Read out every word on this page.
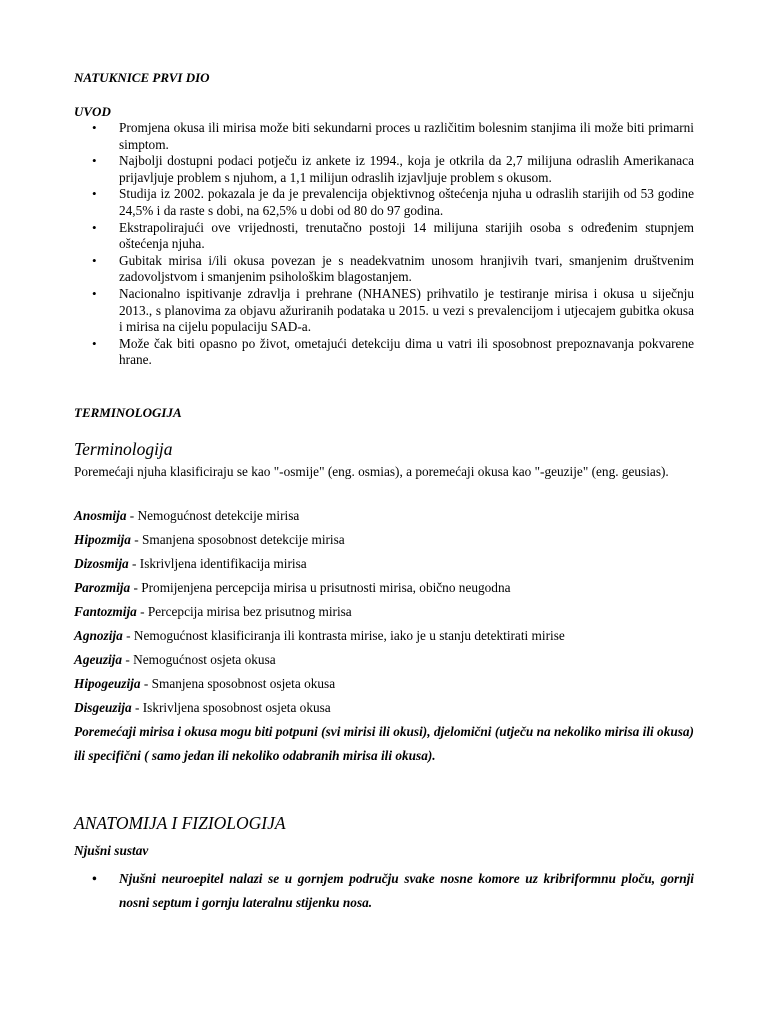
NATUKNICE PRVI DIO
UVOD
• Promjena okusa ili mirisa može biti sekundarni proces u različitim bolesnim stanjima ili može biti primarni simptom.
• Najbolji dostupni podaci potječu iz ankete iz 1994., koja je otkrila da 2,7 milijuna odraslih Amerikanaca prijavljuje problem s njuhom, a 1,1 milijun odraslih izjavljuje problem s okusom.
• Studija iz 2002. pokazala je da je prevalencija objektivnog oštećenja njuha u odraslih starijih od 53 godine 24,5% i da raste s dobi, na 62,5% u dobi od 80 do 97 godina.
• Ekstrapolirajući ove vrijednosti, trenutačno postoji 14 milijuna starijih osoba s određenim stupnjem oštećenja njuha.
• Gubitak mirisa i/ili okusa povezan je s neadekvatnim unosom hranjivih tvari, smanjenim društvenim zadovoljstvom i smanjenim psihološkim blagostanjem.
• Nacionalno ispitivanje zdravlja i prehrane (NHANES) prihvatilo je testiranje mirisa i okusa u siječnju 2013., s planovima za objavu ažuriranih podataka u 2015. u vezi s prevalencijom i utjecajem gubitka okusa i mirisa na cijelu populaciju SAD-a.
• Može čak biti opasno po život, ometajući detekciju dima u vatri ili sposobnost prepoznavanja pokvarene hrane.
TERMINOLOGIJA
Terminologija
Poremećaji njuha klasificiraju se kao "-osmije" (eng. osmias), a poremećaji okusa kao "-geuzije" (eng. geusias).
Anosmija - Nemogućnost detekcije mirisa
Hipozmija - Smanjena sposobnost detekcije mirisa
Dizosmija - Iskrivljena identifikacija mirisa
Parozmija - Promijenjena percepcija mirisa u prisutnosti mirisa, obično neugodna
Fantozmija - Percepcija mirisa bez prisutnog mirisa
Agnozija - Nemogućnost klasificiranja ili kontrasta mirise, iako je u stanju detektirati mirise
Ageuzija - Nemogućnost osjeta okusa
Hipogeuzija - Smanjena sposobnost osjeta okusa
Disgeuzija - Iskrivljena sposobnost osjeta okusa
Poremećaji mirisa i okusa mogu biti potpuni (svi mirisi ili okusi), djelomični (utječu na nekoliko mirisa ili okusa) ili specifični ( samo jedan ili nekoliko odabranih mirisa ili okusa).
ANATOMIJA I FIZIOLOGIJA
Njušni sustav
• Njušni neuroepitel nalazi se u gornjem području svake nosne komore uz kribriformnu ploču, gornji nosni septum i gornju lateralnu stijenku nosa.
